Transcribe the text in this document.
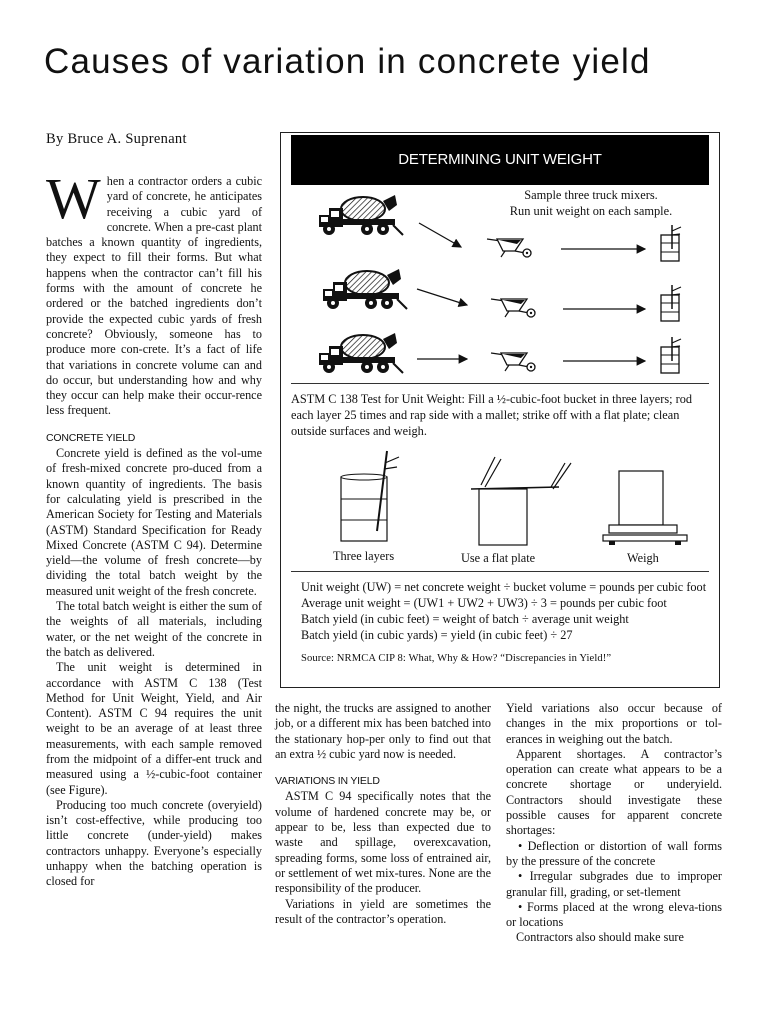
Causes of variation in concrete yield
By Bruce A. Suprenant
When a contractor orders a cubic yard of concrete, he anticipates receiving a cubic yard of concrete. When a pre-cast plant batches a known quantity of ingredients, they expect to fill their forms. But what happens when the contractor can’t fill his forms with the amount of concrete he ordered or the batched ingredients don’t provide the expected cubic yards of fresh concrete? Obviously, someone has to produce more con-crete. It’s a fact of life that variations in concrete volume can and do occur, but understanding how and why they occur can help make their occur-rence less frequent.

CONCRETE YIELD

Concrete yield is defined as the vol-ume of fresh-mixed concrete pro-duced from a known quantity of ingredients. The basis for calculating yield is prescribed in the American Society for Testing and Materials (ASTM) Standard Specification for Ready Mixed Concrete (ASTM C 94). Determine yield—the volume of fresh concrete—by dividing the total batch weight by the measured unit weight of the fresh concrete.

The total batch weight is either the sum of the weights of all materials, including water, or the net weight of the concrete in the batch as delivered.

The unit weight is determined in accordance with ASTM C 138 (Test Method for Unit Weight, Yield, and Air Content). ASTM C 94 requires the unit weight to be an average of at least three measurements, with each sample removed from the midpoint of a differ-ent truck and measured using a ½-cubic-foot container (see Figure).

Producing too much concrete (overyield) isn’t cost-effective, while producing too little concrete (under-yield) makes contractors unhappy. Everyone’s especially unhappy when the batching operation is closed for

the night, the trucks are assigned to another job, or a different mix has been batched into the stationary hop-per only to find out that an extra ½ cubic yard now is needed.

VARIATIONS IN YIELD

ASTM C 94 specifically notes that the volume of hardened concrete may be, or appear to be, less than expected due to waste and spillage, overexcavation, spreading forms, some loss of entrained air, or settlement of wet mix-tures. None are the responsibility of the producer.

Variations in yield are sometimes the result of the contractor’s operation.

Yield variations also occur because of changes in the mix proportions or tol-erances in weighing out the batch.

Apparent shortages. A contractor’s operation can create what appears to be a concrete shortage or underyield. Contractors should investigate these possible causes for apparent concrete shortages:

• Deflection or distortion of wall forms by the pressure of the concrete

• Irregular subgrades due to improper granular fill, grading, or set-tlement

• Forms placed at the wrong eleva-tions or locations

Contractors also should make sure

DETERMINING UNIT WEIGHT
Sample three truck mixers.
Run unit weight on each sample.
ASTM C 138 Test for Unit Weight: Fill a ½-cubic-foot bucket in three layers; rod each layer 25 times and rap side with a mallet; strike off with a flat plate; clean outside surfaces and weigh.
Three layers	Use a flat plate	Weigh
Unit weight (UW) = net concrete weight ÷ bucket volume = pounds per cubic foot
Average unit weight = (UW1 + UW2 + UW3) ÷ 3 = pounds per cubic foot
Batch yield (in cubic feet) = weight of batch ÷ average unit weight
Batch yield (in cubic yards) = yield (in cubic feet) ÷ 27
Source: NRMCA CIP 8: What, Why & How? “Discrepancies in Yield!”
